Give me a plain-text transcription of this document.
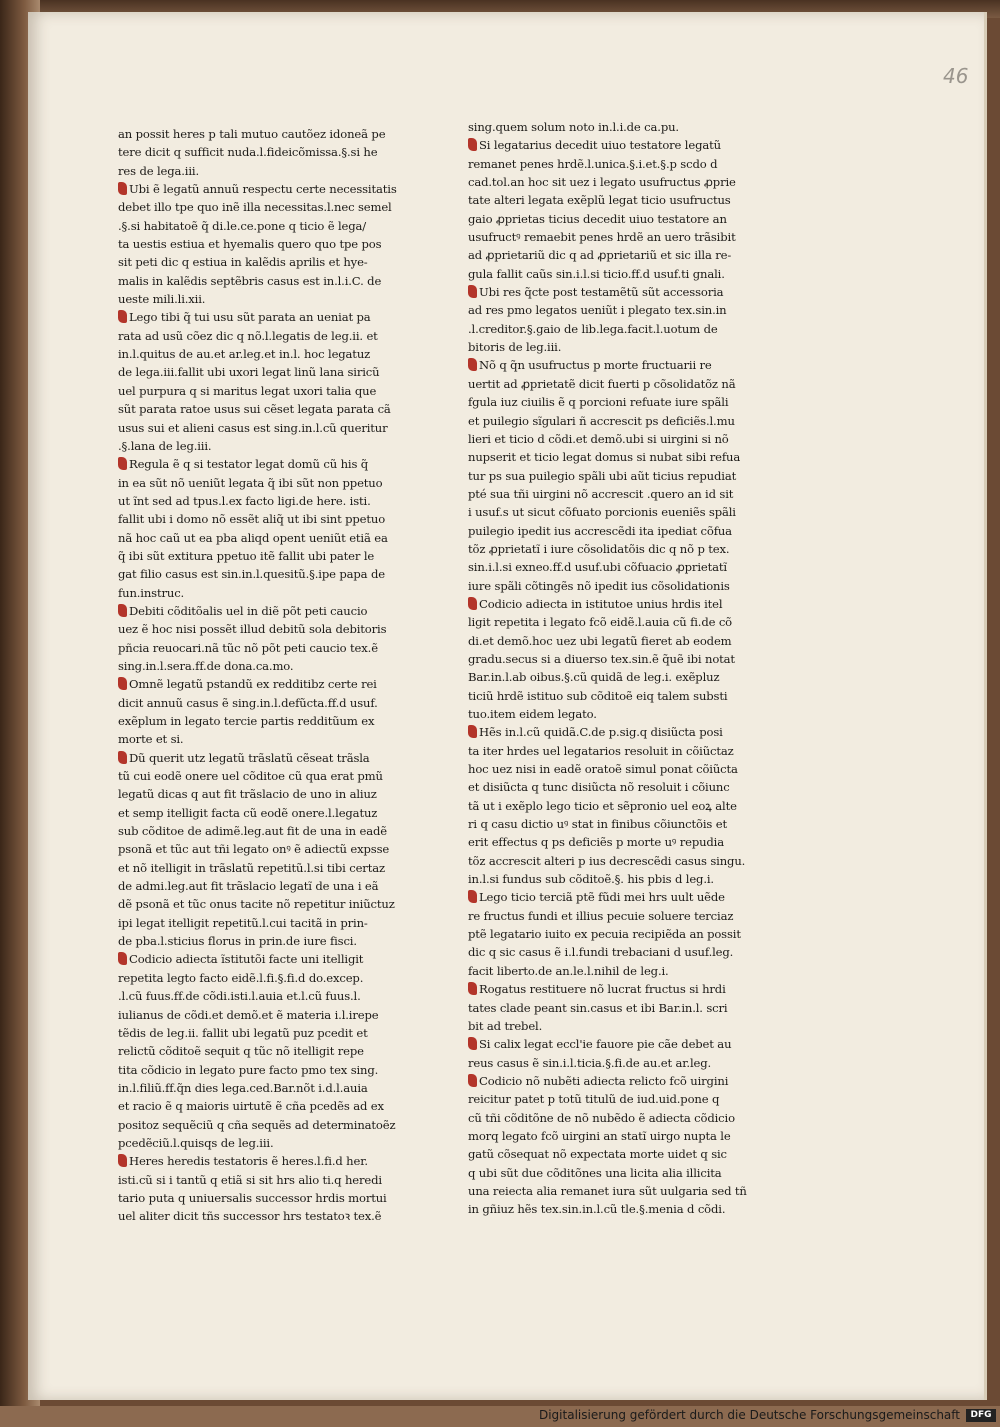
46
an possit heres p tali mutuo cautõez idoneã pe
tere dicit q sufficit nuda.l.fideicõmissa.§.si he
res de lega.iii.
Ubi ẽ legatũ annuũ respectu certe necessitatis
debet illo tpe quo inẽ illa necessitas.l.nec semel
.§.si habitatoẽ q̃ di.le.ce.pone q ticio ẽ lega/
ta uestis estiua et hyemalis quero quo tpe pos
sit peti dic q estiua in kalẽdis aprilis et hye-
malis in kalẽdis septẽbris casus est in.l.i.C. de
ueste mili.li.xii.
Lego tibi q̃ tui usu sũt parata an ueniat pa
rata ad usũ cõez dic q nõ.l.legatis de leg.ii. et
in.l.quitus de au.et ar.leg.et in.l. hoc legatuz
de lega.iii.fallit ubi uxori legat linũ lana siricũ
uel purpura q si maritus legat uxori talia que
sũt parata ratoe usus sui cẽset legata parata cã
usus sui et alieni casus est sing.in.l.cũ queritur
.§.lana de leg.iii.
Regula ẽ q si testator legat domũ cũ his q̃
in ea sũt nõ ueniũt legata q̃ ibi sũt non ppetuo
ut ĩnt sed ad tpus.l.ex facto ligi.de here. isti.
fallit ubi i domo nõ essẽt aliq̃ ut ibi sint ppetuo
nã hoc caũ ut ea pba aliqd opent ueniũt etiã ea
q̃ ibi sũt extitura ppetuo itẽ fallit ubi pater le
gat filio casus est sin.in.l.quesitũ.§.ipe papa de
fun.instruc.
Debiti cõditõalis uel in diẽ põt peti caucio
uez ẽ hoc nisi possẽt illud debitũ sola debitoris
pñcia reuocari.nã tũc nõ põt peti caucio tex.ẽ
sing.in.l.sera.ff.de dona.ca.mo.
Omnẽ legatũ pstandũ ex redditibz certe rei
dicit annuũ casus ẽ sing.in.l.defũcta.ff.d usuf.
exẽplum in legato tercie partis redditũum ex
morte et si.
Dũ querit utz legatũ trãslatũ cẽseat trãsla
tũ cui eodẽ onere uel cõditoe cũ qua erat pmũ
legatũ dicas q aut fit trãslacio de uno in aliuz
et semp itelligit facta cũ eodẽ onere.l.legatuz
sub cõditoe de adimẽ.leg.aut fit de una in eadẽ
psonã et tũc aut tñi legato onꝰ ẽ adiectũ expsse
et nõ itelligit in trãslatũ repetitũ.l.si tibi certaz
de admi.leg.aut fit trãslacio legatĩ de una i eã
dẽ psonã et tũc onus tacite nõ repetitur iniũctuz
ipi legat itelligit repetitũ.l.cui tacitã in prin-
de pba.l.sticius florus in prin.de iure fisci.
Codicio adiecta ĩstitutõi facte uni itelligit
repetita legto facto eidẽ.l.fi.§.fi.d do.excep.
.l.cũ fuus.ff.de cõdi.isti.l.auia et.l.cũ fuus.l.
iulianus de cõdi.et demõ.et ẽ materia i.l.irepe
tẽdis de leg.ii. fallit ubi legatũ puz pcedit et
relictũ cõditoẽ sequit q tũc nõ itelligit repe
tita cõdicio in legato pure facto pmo tex sing.
in.l.filiũ.ff.q̃n dies lega.ced.Bar.nõt i.d.l.auia
et racio ẽ q maioris uirtutẽ ẽ cña pcedẽs ad ex
positoz sequẽciũ q cña sequẽs ad determinatoẽz
pcedẽciũ.l.quisqs de leg.iii.
Heres heredis testatoris ẽ heres.l.fi.d her.
isti.cũ si i tantũ q etiã si sit hrs alio ti.q heredi
tario puta q uniuersalis successor hrdis mortui
uel aliter dicit tñs successor hrs testatoꝛ tex.ẽ
sing.quem solum noto in.l.i.de ca.pu.
Si legatarius decedit uiuo testatore legatũ
remanet penes hrdẽ.l.unica.§.i.et.§.p scdo d
cad.tol.an hoc sit uez i legato usufructus ꝓprie
tate alteri legata exẽplũ legat ticio usufructus
gaio ꝓprietas ticius decedit uiuo testatore an
usufructꝰ remaebit penes hrdẽ an uero trãsibit
ad ꝓprietariũ dic q ad ꝓprietariũ et sic illa re-
gula fallit caũs sin.i.l.si ticio.ff.d usuf.ti gnali.
Ubi res q̃cte post testamẽtũ sũt accessoria
ad res pmo legatos ueniũt i plegato tex.sin.in
.l.creditor.§.gaio de lib.lega.facit.l.uotum de
bitoris de leg.iii.
Nõ q q̃n usufructus p morte fructuarii re
uertit ad ꝓprietatẽ dicit fuerti p cõsolidatõz nã
fgula iuz ciuilis ẽ q porcioni refuate iure spãli
et puilegio sĩgulari ñ accrescit ps deficiẽs.l.mu
lieri et ticio d cõdi.et demõ.ubi si uirgini si nõ
nupserit et ticio legat domus si nubat sibi refua
tur ps sua puilegio spãli ubi aũt ticius repudiat
pté sua tñi uirgini nõ accrescit .quero an id sit
i usuf.s ut sicut cõfuato porcionis eueniẽs spãli
puilegio ipedit ius accrescẽdi ita ipediat cõfua
tõz ꝓprietatĩ i iure cõsolidatõis dic q nõ p tex.
sin.i.l.si exneo.ff.d usuf.ubi cõfuacio ꝓprietatĩ
iure spãli cõtingẽs nõ ipedit ius cõsolidationis
Codicio adiecta in istitutoe unius hrdis itel
ligit repetita i legato fcõ eidẽ.l.auia cũ fi.de cõ
di.et demõ.hoc uez ubi legatũ fieret ab eodem
gradu.secus si a diuerso tex.sin.ẽ q̃uẽ ibi notat
Bar.in.l.ab oibus.§.cũ quidã de leg.i. exẽpluz
ticiũ hrdẽ istituo sub cõditoẽ eiq talem substi
tuo.item eidem legato.
Hẽs in.l.cũ quidã.C.de p.sig.q disiũcta posi
ta iter hrdes uel legatarios resoluit in cõiũctaz
hoc uez nisi in eadẽ oratoẽ simul ponat cõiũcta
et disiũcta q tunc disiũcta nõ resoluit i cõiunc
tã ut i exẽplo lego ticio et sẽpronio uel eoꝝ alte
ri q casu dictio uꝰ stat in finibus cõiunctõis et
erit effectus q ps deficiẽs p morte uꝰ repudia
tõz accrescit alteri p ius decrescẽdi casus singu.
in.l.si fundus sub cõditoẽ.§. his pbis d leg.i.
Lego ticio terciã ptẽ fũdi mei hrs uult uẽde
re fructus fundi et illius pecuie soluere terciaz
ptẽ legatario iuito ex pecuia recipiẽda an possit
dic q sic casus ẽ i.l.fundi trebaciani d usuf.leg.
facit liberto.de an.le.l.nihil de leg.i.
Rogatus restituere nõ lucrat fructus si hrdi
tates clade peant sin.casus et ibi Bar.in.l. scri
bit ad trebel.
Si calix legat eccl'ie fauore pie cãe debet au
reus casus ẽ sin.i.l.ticia.§.fi.de au.et ar.leg.
Codicio nõ nubẽti adiecta relicto fcõ uirgini
reicitur patet p totũ titulũ de iud.uid.pone q
cũ tñi cõditõne de nõ nubẽdo ẽ adiecta cõdicio
morq legato fcõ uirgini an statĩ uirgo nupta le
gatũ cõsequat nõ expectata morte uidet q sic
q ubi sũt due cõditõnes una licita alia illicita
una reiecta alia remanet iura sũt uulgaria sed tñ
in gñiuz hẽs tex.sin.in.l.cũ tle.§.menia d cõdi.
Digitalisierung gefördert durch die Deutsche Forschungsgemeinschaft	DFG
